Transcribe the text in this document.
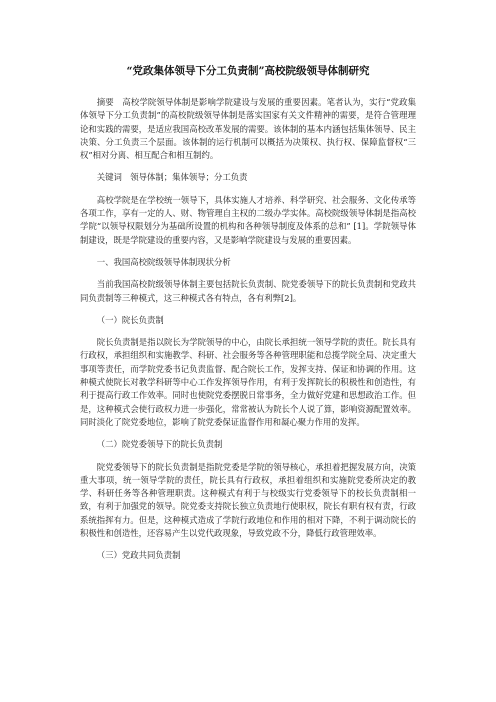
“党政集体领导下分工负责制”高校院级领导体制研究

摘要　高校学院领导体制是影响学院建设与发展的重要因素。笔者认为，实行“党政集体领导下分工负责制”的高校院级领导体制是落实国家有关文件精神的需要，是符合管理理论和实践的需要，是适应我国高校改革发展的需要。该体制的基本内涵包括集体领导、民主决策、分工负责三个层面。该体制的运行机制可以概括为决策权、执行权、保障监督权“三权”相对分离、相互配合和相互制约。

关键词　领导体制；集体领导；分工负责

高校学院是在学校统一领导下，具体实施人才培养、科学研究、社会服务、文化传承等各项工作，享有一定的人、财、物管理自主权的二级办学实体。高校院级领导体制是指高校学院“以领导权限划分为基础所设置的机构和各种领导制度及体系的总和” [1]。学院领导体制建设，既是学院建设的重要内容，又是影响学院建设与发展的重要因素。

一、我国高校院级领导体制现状分析

当前我国高校院级领导体制主要包括院长负责制、院党委领导下的院长负责制和党政共同负责制等三种模式，这三种模式各有特点，各有利弊[2]。

（一）院长负责制

院长负责制是指以院长为学院领导的中心，由院长承担统一领导学院的责任。院长具有行政权，承担组织和实施教学、科研、社会服务等各种管理职能和总揽学院全局、决定重大事项等责任，而学院党委书记负责监督、配合院长工作，发挥支持、保证和协调的作用。这种模式使院长对教学科研等中心工作发挥领导作用，有利于发挥院长的积极性和创造性，有利于提高行政工作效率。同时也使院党委摆脱日常事务，全力做好党建和思想政治工作。但是，这种模式会使行政权力进一步强化，常常被认为院长个人说了算，影响资源配置效率。同时淡化了院党委地位，影响了院党委保证监督作用和凝心聚力作用的发挥。

（二）院党委领导下的院长负责制

院党委领导下的院长负责制是指院党委是学院的领导核心，承担着把握发展方向，决策重大事项，统一领导学院的责任，院长具有行政权，承担着组织和实施院党委所决定的教学、科研任务等各种管理职责。这种模式有利于与校级实行党委领导下的校长负责制相一致，有利于加强党的领导。院党委支持院长独立负责地行使职权，院长有职有权有责，行政系统指挥有力。但是，这种模式造成了学院行政地位和作用的相对下降，不利于调动院长的积极性和创造性，还容易产生以党代政现象，导致党政不分，降低行政管理效率。

（三）党政共同负责制
